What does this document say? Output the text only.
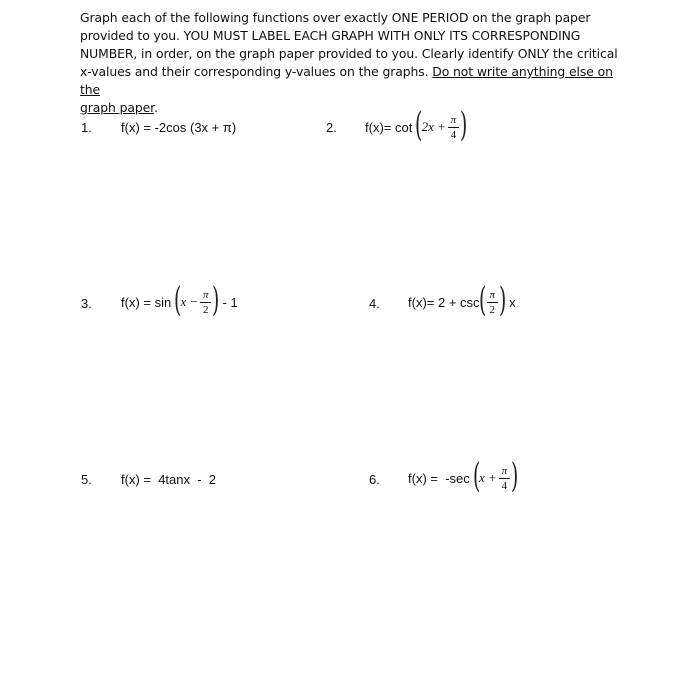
Graph each of the following functions over exactly ONE PERIOD on the graph paper
provided to you. YOU MUST LABEL EACH GRAPH WITH ONLY ITS CORRESPONDING
NUMBER, in order, on the graph paper provided to you. Clearly identify ONLY the critical
x-values and their corresponding y-values on the graphs. Do not write anything else on the
graph paper.
1. f(x) = -2cos (3x + π)	2. f(x)= cot (
$2x + \frac{\pi}{4}$ )
3. f(x) = sin (
$x - \frac{\pi}{2}$ ) - 1	4. f(x)= 2 + csc
( $\frac{\pi}{2}$ ) x
5. f(x) =  4tanx  -  2	6. f(x) =  -sec (
$x + \frac{\pi}{4}$ )
